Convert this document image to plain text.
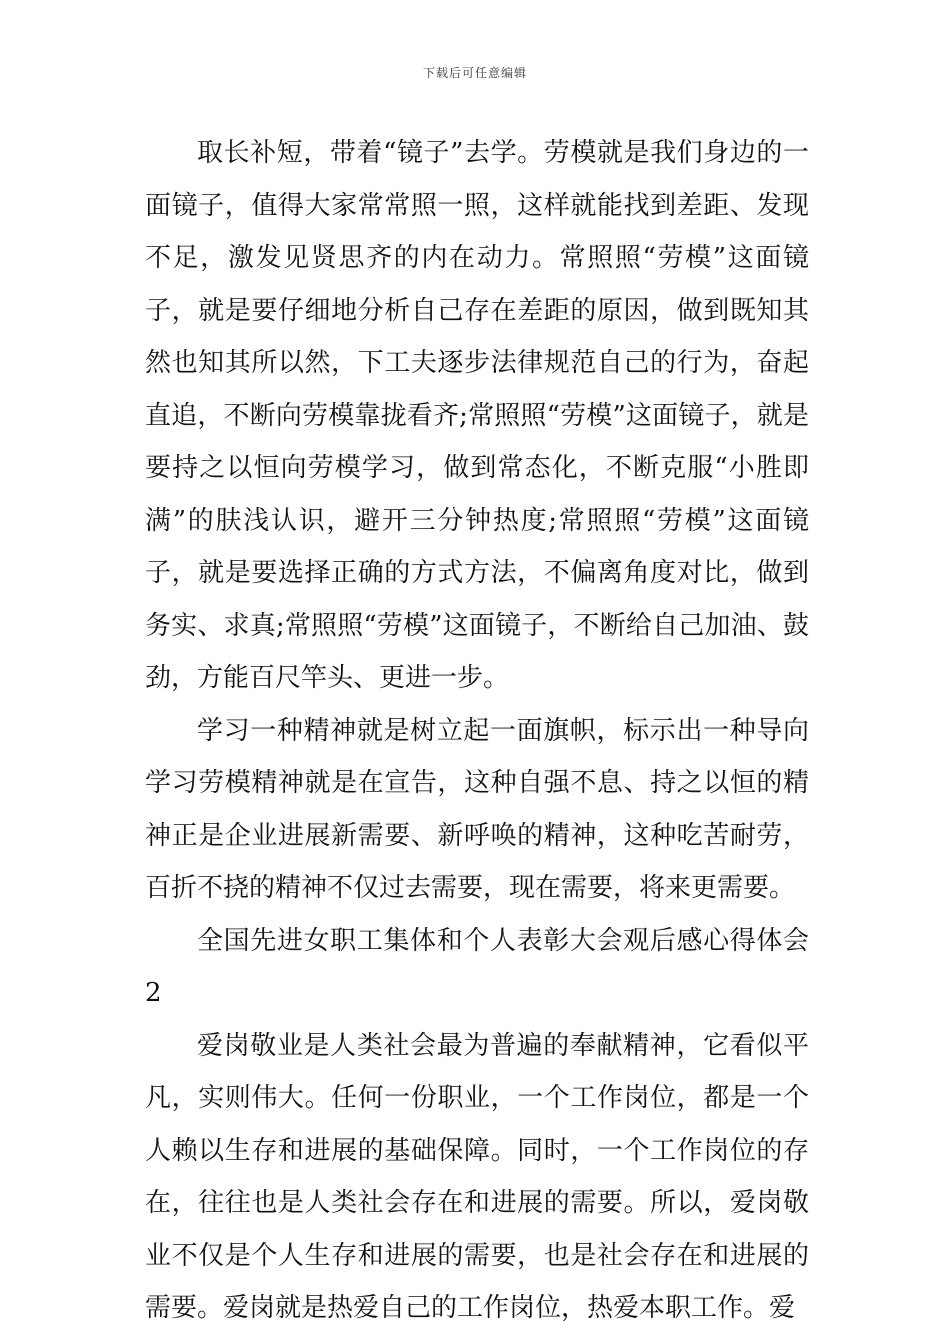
下载后可任意编辑

取长补短，带着“镜子”去学。劳模就是我们身边的一面镜子，值得大家常常照一照，这样就能找到差距、发现不足，激发见贤思齐的内在动力。常照照“劳模”这面镜子，就是要仔细地分析自己存在差距的原因，做到既知其然也知其所以然，下工夫逐步法律规范自己的行为，奋起直追，不断向劳模靠拢看齐;常照照“劳模”这面镜子，就是要持之以恒向劳模学习，做到常态化，不断克服“小胜即满”的肤浅认识，避开三分钟热度;常照照“劳模”这面镜子，就是要选择正确的方式方法，不偏离角度对比，做到务实、求真;常照照“劳模”这面镜子，不断给自己加油、鼓劲，方能百尺竿头、更进一步。

学习一种精神就是树立起一面旗帜，标示出一种导向学习劳模精神就是在宣告，这种自强不息、持之以恒的精神正是企业进展新需要、新呼唤的精神，这种吃苦耐劳，百折不挠的精神不仅过去需要，现在需要，将来更需要。

全国先进女职工集体和个人表彰大会观后感心得体会2

爱岗敬业是人类社会最为普遍的奉献精神，它看似平凡，实则伟大。任何一份职业，一个工作岗位，都是一个人赖以生存和进展的基础保障。同时，一个工作岗位的存在，往往也是人类社会存在和进展的需要。所以，爱岗敬业不仅是个人生存和进展的需要，也是社会存在和进展的需要。爱岗就是热爱自己的工作岗位，热爱本职工作。爱
